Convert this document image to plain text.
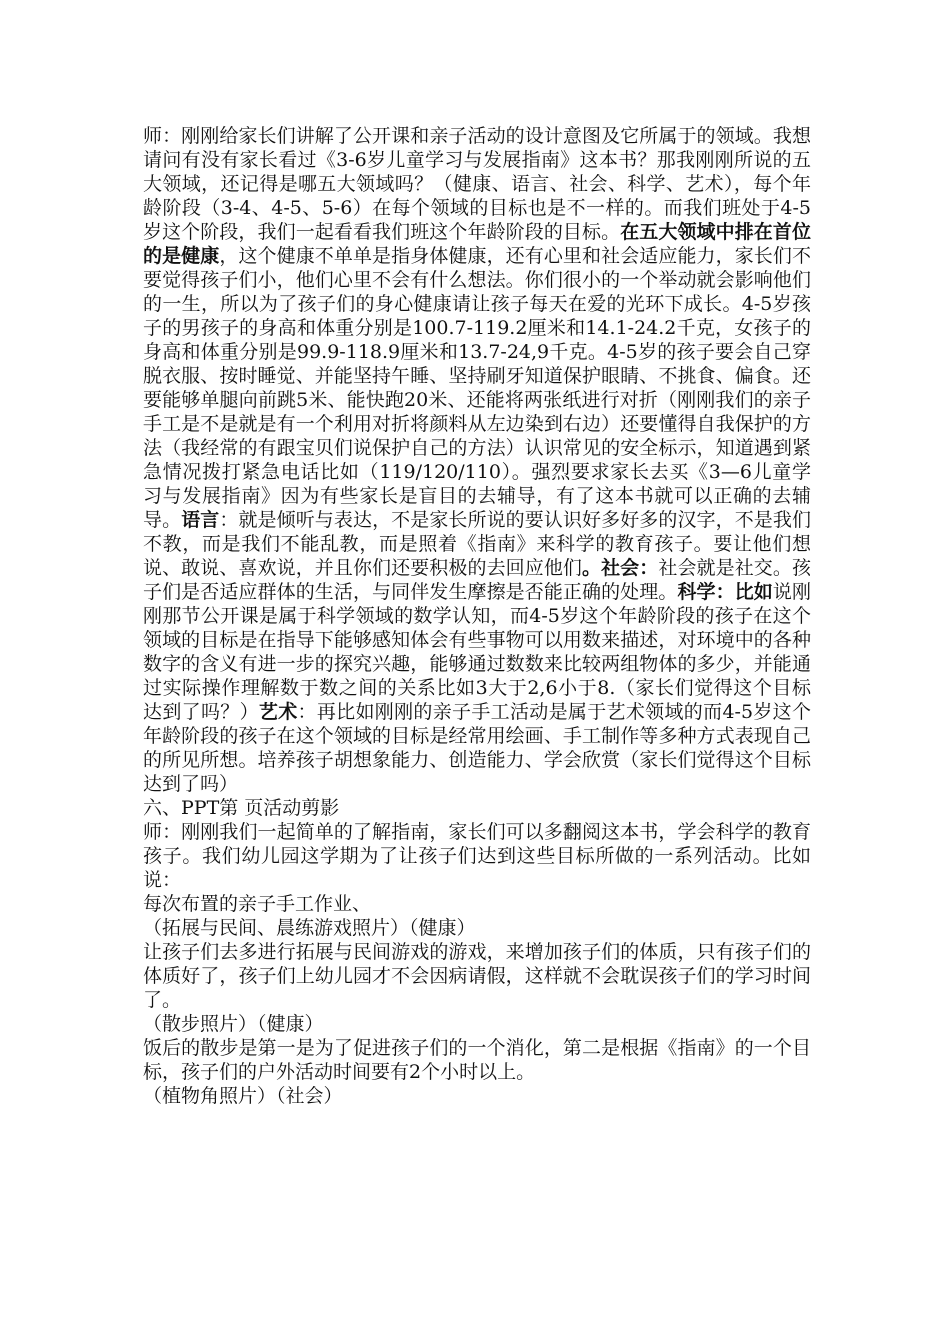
师：刚刚给家长们讲解了公开课和亲子活动的设计意图及它所属于的领域。我想请问有没有家长看过《3-6岁儿童学习与发展指南》这本书？那我刚刚所说的五大领域，还记得是哪五大领域吗？（健康、语言、社会、科学、艺术），每个年龄阶段（3-4、4-5、5-6）在每个领域的目标也是不一样的。而我们班处于4-5岁这个阶段，我们一起看看我们班这个年龄阶段的目标。在五大领域中排在首位的是健康，这个健康不单单是指身体健康，还有心里和社会适应能力，家长们不要觉得孩子们小，他们心里不会有什么想法。你们很小的一个举动就会影响他们的一生，所以为了孩子们的身心健康请让孩子每天在爱的光环下成长。4-5岁孩子的男孩子的身高和体重分别是100.7-119.2厘米和14.1-24.2千克，女孩子的身高和体重分别是99.9-118.9厘米和13.7-24,9千克。4-5岁的孩子要会自己穿脱衣服、按时睡觉、并能坚持午睡、坚持刷牙知道保护眼睛、不挑食、偏食。还要能够单腿向前跳5米、能快跑20米、还能将两张纸进行对折（刚刚我们的亲子手工是不是就是有一个利用对折将颜料从左边染到右边）还要懂得自我保护的方法（我经常的有跟宝贝们说保护自己的方法）认识常见的安全标示，知道遇到紧急情况拨打紧急电话比如（119/120/110）。强烈要求家长去买《3—6儿童学习与发展指南》因为有些家长是盲目的去辅导，有了这本书就可以正确的去辅导。语言：就是倾听与表达，不是家长所说的要认识好多好多的汉字，不是我们不教，而是我们不能乱教，而是照着《指南》来科学的教育孩子。要让他们想说、敢说、喜欢说，并且你们还要积极的去回应他们。社会：社会就是社交。孩子们是否适应群体的生活，与同伴发生摩擦是否能正确的处理。科学：比如说刚刚那节公开课是属于科学领域的数学认知，而4-5岁这个年龄阶段的孩子在这个领域的目标是在指导下能够感知体会有些事物可以用数来描述，对环境中的各种数字的含义有进一步的探究兴趣，能够通过数数来比较两组物体的多少，并能通过实际操作理解数于数之间的关系比如3大于2,6小于8.（家长们觉得这个目标达到了吗？）艺术：再比如刚刚的亲子手工活动是属于艺术领域的而4-5岁这个年龄阶段的孩子在这个领域的目标是经常用绘画、手工制作等多种方式表现自己的所见所想。培养孩子胡想象能力、创造能力、学会欣赏（家长们觉得这个目标达到了吗）

六、PPT第 页活动剪影

师：刚刚我们一起简单的了解指南，家长们可以多翻阅这本书，学会科学的教育孩子。我们幼儿园这学期为了让孩子们达到这些目标所做的一系列活动。比如说：

每次布置的亲子手工作业、

（拓展与民间、晨练游戏照片）（健康）

让孩子们去多进行拓展与民间游戏的游戏，来增加孩子们的体质，只有孩子们的体质好了，孩子们上幼儿园才不会因病请假，这样就不会耽误孩子们的学习时间了。

（散步照片）（健康）

饭后的散步是第一是为了促进孩子们的一个消化，第二是根据《指南》的一个目标，孩子们的户外活动时间要有2个小时以上。

（植物角照片）（社会）
